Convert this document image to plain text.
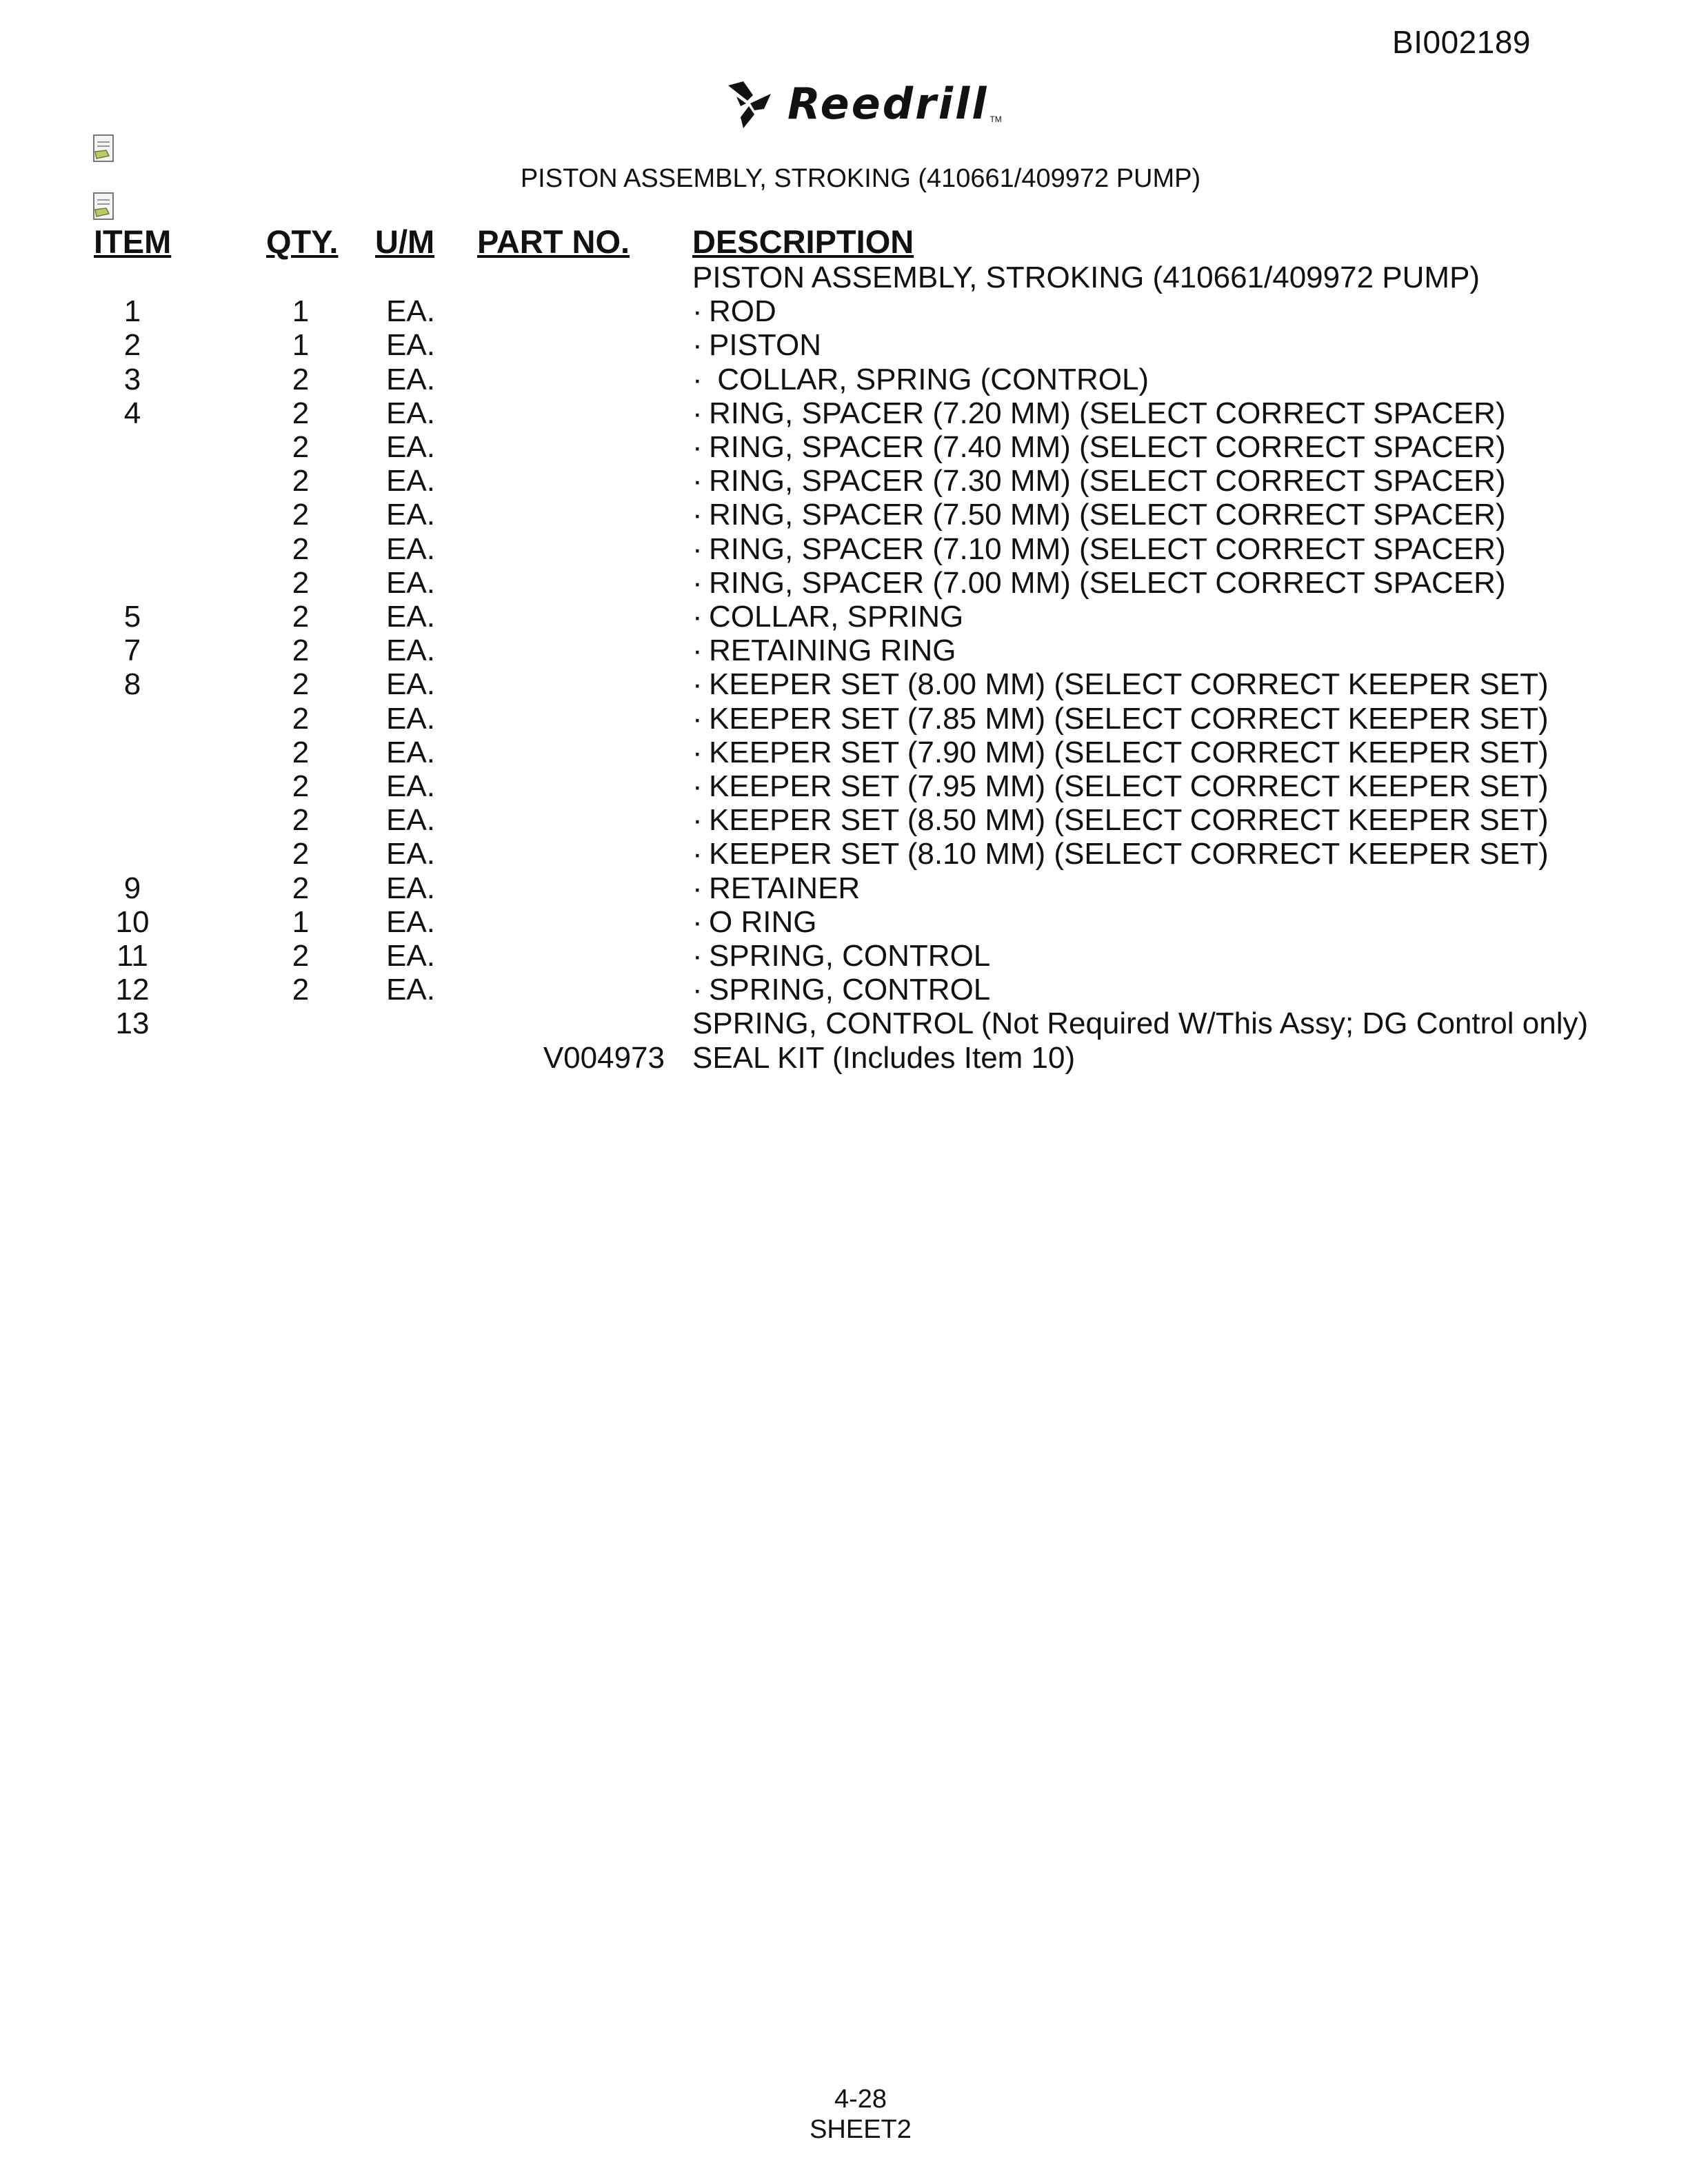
BI002189
Reedrill TM
PISTON ASSEMBLY, STROKING (410661/409972 PUMP)
ITEM	QTY.	U/M	PART NO.	DESCRIPTION
				PISTON ASSEMBLY, STROKING (410661/409972 PUMP)
1	1	EA.		· ROD
2	1	EA.		· PISTON
3	2	EA.		· COLLAR, SPRING (CONTROL)
4	2	EA.		· RING, SPACER (7.20 MM) (SELECT CORRECT SPACER)
	2	EA.		· RING, SPACER (7.40 MM) (SELECT CORRECT SPACER)
	2	EA.		· RING, SPACER (7.30 MM) (SELECT CORRECT SPACER)
	2	EA.		· RING, SPACER (7.50 MM) (SELECT CORRECT SPACER)
	2	EA.		· RING, SPACER (7.10 MM) (SELECT CORRECT SPACER)
	2	EA.		· RING, SPACER (7.00 MM) (SELECT CORRECT SPACER)
5	2	EA.		· COLLAR, SPRING
7	2	EA.		· RETAINING RING
8	2	EA.		· KEEPER SET (8.00 MM) (SELECT CORRECT KEEPER SET)
	2	EA.		· KEEPER SET (7.85 MM) (SELECT CORRECT KEEPER SET)
	2	EA.		· KEEPER SET (7.90 MM) (SELECT CORRECT KEEPER SET)
	2	EA.		· KEEPER SET (7.95 MM) (SELECT CORRECT KEEPER SET)
	2	EA.		· KEEPER SET (8.50 MM) (SELECT CORRECT KEEPER SET)
	2	EA.		· KEEPER SET (8.10 MM) (SELECT CORRECT KEEPER SET)
9	2	EA.		· RETAINER
10	1	EA.		· O RING
11	2	EA.		· SPRING, CONTROL
12	2	EA.		· SPRING, CONTROL
13				SPRING, CONTROL (Not Required W/This Assy; DG Control only)
			V004973	SEAL KIT (Includes Item 10)
4-28
SHEET2
